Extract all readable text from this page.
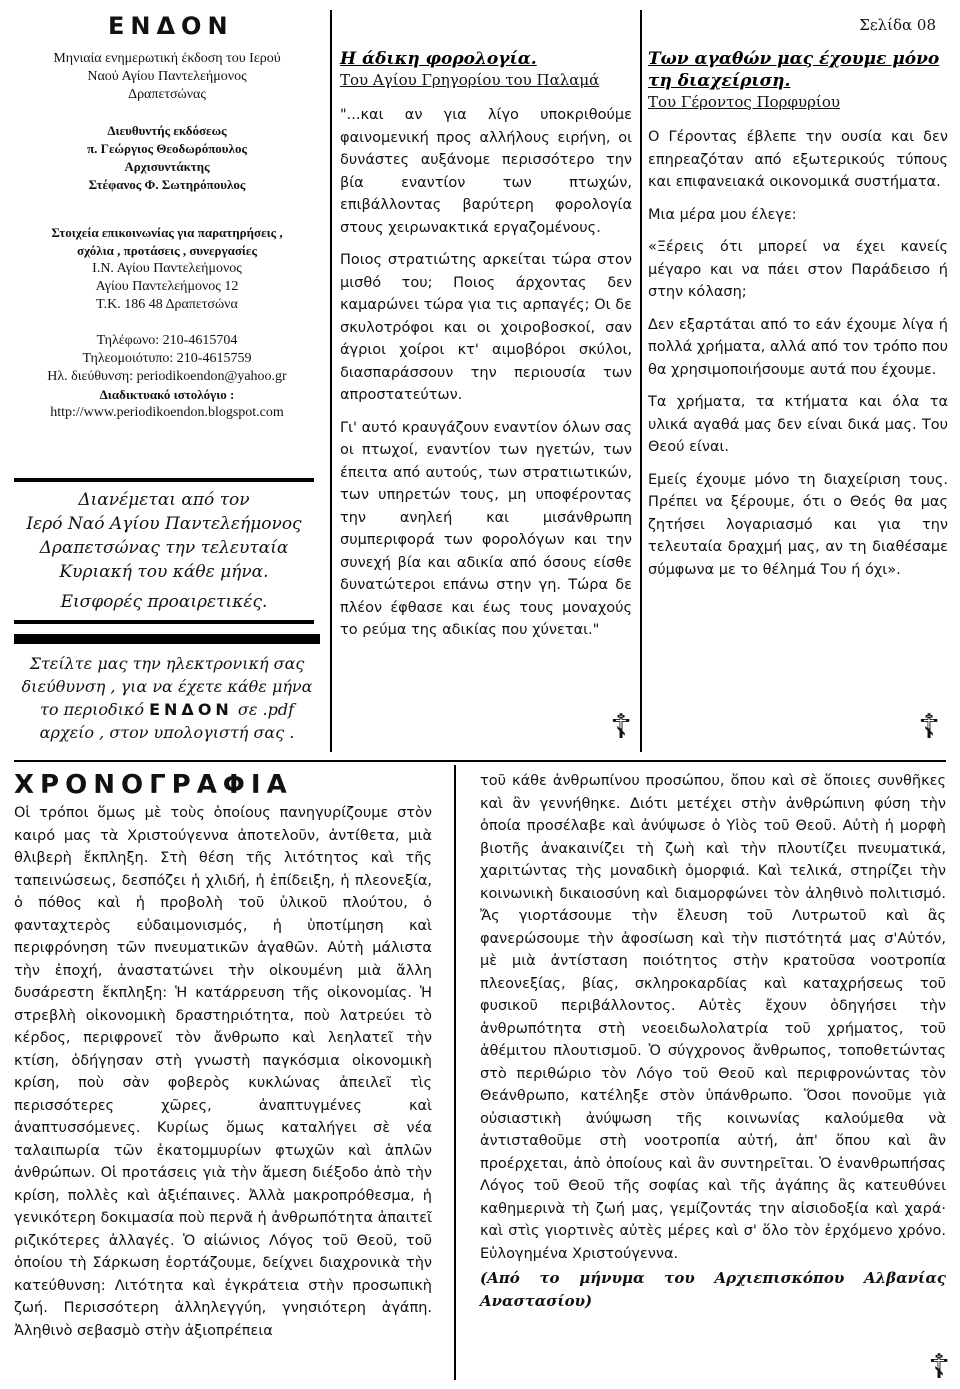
Σελίδα 08
ΕΝΔΟΝ

Μηνιαία ενημερωτική έκδοση του Ιερού

Ναού Αγίου Παντελεήμονος

Δραπετσώνας

Διευθυντής εκδόσεως

π. Γεώργιος Θεοδωρόπουλος

Αρχισυντάκτης

Στέφανος Φ. Σωτηρόπουλος

Στοιχεία επικοινωνίας για παρατηρήσεις ,

σχόλια , προτάσεις , συνεργασίες

Ι.Ν. Αγίου Παντελεήμονος

Αγίου Παντελεήμονος 12

Τ.Κ. 186 48 Δραπετσώνα

Τηλέφωνο: 210-4615704

Τηλεομοιότυπο: 210-4615759

Ηλ. διεύθυνση: periodikoendon@yahoo.gr

Διαδικτυακό ιστολόγιο :

http://www.periodikoendon.blogspot.com

Διανέμεται από τον

Ιερό Ναό Αγίου Παντελεήμονος

Δραπετσώνας την τελευταία

Κυριακή του κάθε μήνα.

Εισφορές προαιρετικές.

Στείλτε μας την ηλεκτρονική σας

διεύθυνση , για να έχετε κάθε μήνα

το περιοδικό ΕΝΔΟΝ σε .pdf

αρχείο , στον υπολογιστή σας .

Η άδικη φορολογία.

Του Αγίου Γρηγορίου του Παλαμά

"...και αν για λίγο υποκριθούμε φαινομενική προς αλλήλους ειρήνη, οι δυνάστες αυξάνομε περισσότερο την βία εναντίον των πτωχών, επιβάλλοντας βαρύτερη φορολογία στους χειρωνακτικά εργαζομένους.

Ποιος στρατιώτης αρκείται τώρα στον μισθό του; Ποιος άρχοντας δεν καμαρώνει τώρα για τις αρπαγές; Οι δε σκυλοτρόφοι και οι χοιροβοσκοί, σαν άγριοι χοίροι κτ' αιμοβόροι σκύλοι, διασπαράσσουν την περιουσία των απροστατεύτων.

Γι' αυτό κραυγάζουν εναντίον όλων σας οι πτωχοί, εναντίον των ηγετών, των έπειτα από αυτούς, των στρατιωτικών, των υπηρετών τους, μη υποφέροντας την ανηλεή και μισάνθρωπη συμπεριφορά των φορολόγων και την συνεχή βία και αδικία από όσους είσθε δυνατώτεροι επάνω στην γη. Τώρα δε πλέον έφθασε και έως τους μοναχούς το ρεύμα της αδικίας που χύνεται."

☦

Των αγαθών μας έχουμε μόνο τη διαχείριση.

Του Γέροντος Πορφυρίου

Ο Γέροντας έβλεπε την ουσία και δεν επηρεαζόταν από εξωτερικούς τύπους και επιφανειακά οικονομικά συστήματα.

Μια μέρα μου έλεγε:

«Ξέρεις ότι μπορεί να έχει κανείς μέγαρο και να πάει στον Παράδεισο ή στην κόλαση;

Δεν εξαρτάται από το εάν έχουμε λίγα ή πολλά χρήματα, αλλά από τον τρόπο που θα χρησιμοποιήσουμε αυτά που έχουμε.

Τα χρήματα, τα κτήματα και όλα τα υλικά αγαθά μας δεν είναι δικά μας. Του Θεού είναι.

Εμείς έχουμε μόνο τη διαχείριση τους. Πρέπει να ξέρουμε, ότι ο Θεός θα μας ζητήσει λογαριασμό και για την τελευταία δραχμή μας, αν τη διαθέσαμε σύμφωνα με το θέλημά Του ή όχι».

☦
ΧΡΟΝΟΓΡΑΦΙΑ

Οἱ τρόποι ὅμως μὲ τοὺς ὁποίους πανηγυρίζουμε στὸν καιρό μας τὰ Χριστούγεννα ἀποτελοῦν, ἀντίθετα, μιὰ θλιβερὴ ἔκπληξη. Στὴ θέση τῆς λιτότητος καὶ τῆς ταπεινώσεως, δεσπόζει ἡ χλιδή, ἡ ἐπίδειξη, ἡ πλεονεξία, ὁ πόθος καὶ ἡ προβολὴ τοῦ ὑλικοῦ πλούτου, ὁ φανταχτερὸς εὐδαιμονισμός, ἡ ὑποτίμηση καὶ περιφρόνηση τῶν πνευματικῶν ἀγαθῶν. Αὐτὴ μάλιστα τὴν ἐποχή, ἀναστατώνει τὴν οἰκουμένη μιὰ ἄλλη δυσάρεστη ἔκπληξη: Ἡ κατάρρευση τῆς οἰκονομίας. Ἡ στρεβλὴ οἰκονομικὴ δραστηριότητα, ποὺ λατρεύει τὸ κέρδος, περιφρονεῖ τὸν ἄνθρωπο καὶ λεηλατεῖ τὴν κτίση, ὁδήγησαν στὴ γνωστὴ παγκόσμια οἰκονομικὴ κρίση, ποὺ σὰν φοβερὸς κυκλώνας ἀπειλεῖ τὶς περισσότερες χῶρες, ἀναπτυγμένες καὶ ἀναπτυσσόμενες. Κυρίως ὅμως καταλήγει σὲ νέα ταλαιπωρία τῶν ἑκατομμυρίων φτωχῶν καὶ ἁπλῶν ἀνθρώπων. Οἱ προτάσεις γιὰ τὴν ἄμεση διέξοδο ἀπὸ τὴν κρίση, πολλὲς καὶ ἀξιέπαινες. Ἀλλὰ μακροπρόθεσμα, ἡ γενικότερη δοκιμασία ποὺ περνᾶ ἡ ἀνθρωπότητα ἀπαιτεῖ ριζικότερες ἀλλαγές. Ὁ αἰώνιος Λόγος τοῦ Θεοῦ, τοῦ ὁποίου τὴ Σάρκωση ἑορτάζουμε, δείχνει διαχρονικὰ τὴν κατεύθυνση: Λιτότητα καὶ ἐγκράτεια στὴν προσωπικὴ ζωή. Περισσότερη ἀλληλεγγύη, γνησιότερη ἀγάπη. Ἀληθινὸ σεβασμὸ στὴν ἀξιοπρέπεια

τοῦ κάθε ἀνθρωπίνου προσώπου, ὅπου καὶ σὲ ὅποιες συνθῆκες καὶ ἂν γεννήθηκε. Διότι μετέχει στὴν ἀνθρώπινη φύση τὴν ὁποία προσέλαβε καὶ ἀνύψωσε ὁ Υἱὸς τοῦ Θεοῦ. Αὐτὴ ἡ μορφὴ βιοτῆς ἀνακαινίζει τὴ ζωὴ καὶ τὴν πλουτίζει πνευματικά, χαριτώντας τὴς μοναδικὴ ὁμορφιά. Καὶ τελικά, στηρίζει τὴν κοινωνικὴ δικαιοσύνη καὶ διαμορφώνει τὸν ἀληθινὸ πολιτισμό. Ἄς γιορτάσουμε τὴν ἔλευση τοῦ Λυτρωτοῦ καὶ ἂς φανερώσουμε τὴν ἀφοσίωση καὶ τὴν πιστότητά μας σ'Αὐτόν, μὲ μιὰ ἀντίσταση ποιότητος στὴν κρατοῦσα νοοτροπία πλεονεξίας, βίας, σκληροκαρδίας καὶ καταχρήσεως τοῦ φυσικοῦ περιβάλλοντος. Αὐτὲς ἔχουν ὁδηγήσει τὴν ἀνθρωπότητα στὴ νεοειδωλολατρία τοῦ χρήματος, τοῦ ἀθέμιτου πλουτισμοῦ. Ὁ σύγχρονος ἄνθρωπος, τοποθετώντας στὸ περιθώριο τὸν Λόγο τοῦ Θεοῦ καὶ περιφρονώντας τὸν Θεάνθρωπο, κατέληξε στὸν ὑπάνθρωπο. Ὅσοι πονοῦμε γιὰ οὐσιαστικὴ ἀνύψωση τῆς κοινωνίας καλούμεθα νὰ ἀντισταθοῦμε στὴ νοοτροπία αὐτή, ἀπ' ὅπου καὶ ἂν προέρχεται, ἀπὸ ὁποίους καὶ ἂν συντηρεῖται. Ὁ ἐνανθρωπήσας Λόγος τοῦ Θεοῦ τῆς σοφίας καὶ τῆς ἀγάπης ἂς κατευθύνει καθημερινὰ τὴ ζωή μας, γεμίζοντάς την αἰσιοδοξία καὶ χαρά· καὶ στὶς γιορτινὲς αὐτὲς μέρες καὶ σ' ὅλο τὸν ἐρχόμενο χρόνο. Εὐλογημένα Χριστούγεννα.

(Από το μήνυμα του Αρχιεπισκόπου Αλβανίας Αναστασίου)

☦
